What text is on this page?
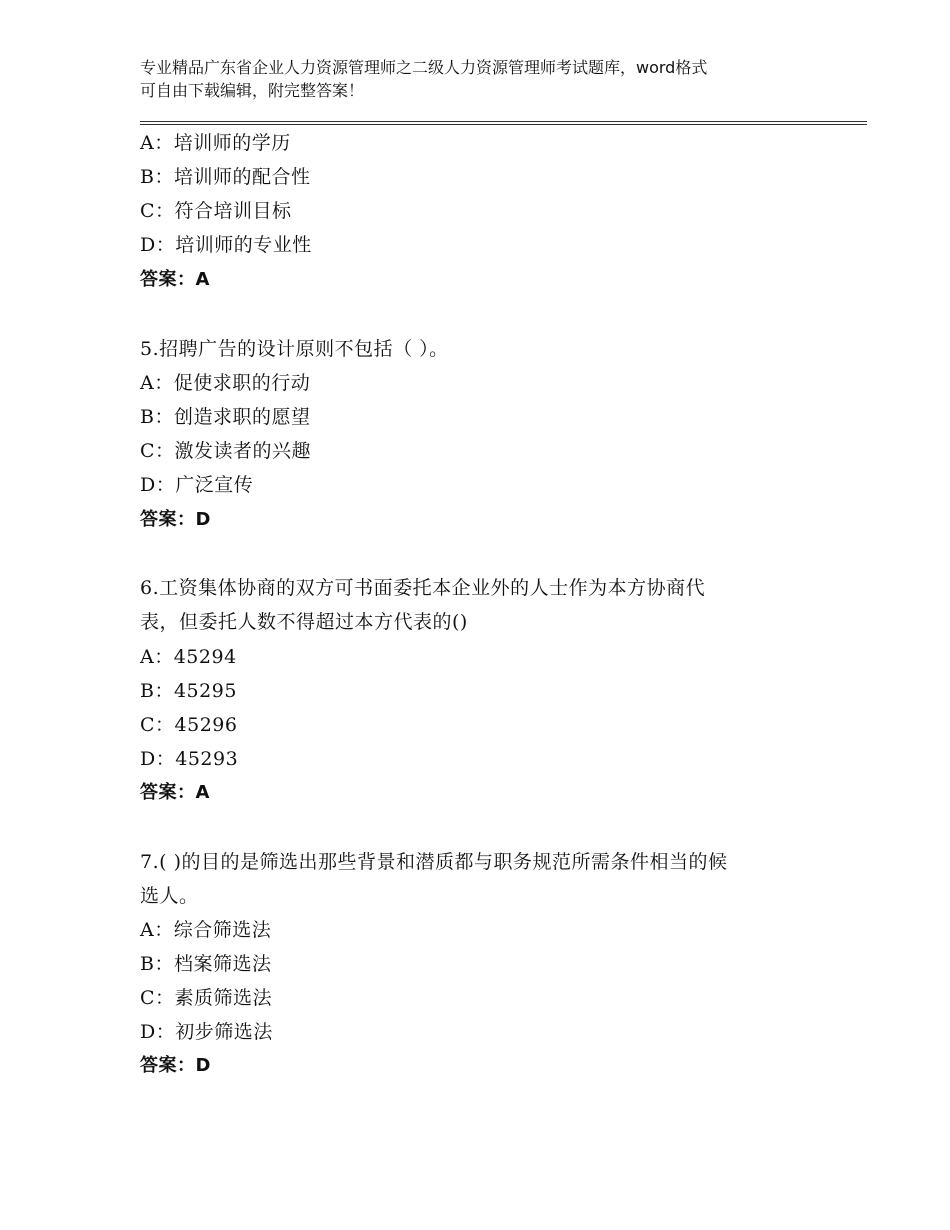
专业精品广东省企业人力资源管理师之二级人力资源管理师考试题库，word格式
可自由下载编辑，附完整答案！
A：培训师的学历
B：培训师的配合性
C：符合培训目标
D：培训师的专业性
答案：A
5.招聘广告的设计原则不包括（ ）。
A：促使求职的行动
B：创造求职的愿望
C：激发读者的兴趣
D：广泛宣传
答案：D
6.工资集体协商的双方可书面委托本企业外的人士作为本方协商代
表，但委托人数不得超过本方代表的()
A：45294
B：45295
C：45296
D：45293
答案：A
7.( )的目的是筛选出那些背景和潜质都与职务规范所需条件相当的候
选人。
A：综合筛选法
B：档案筛选法
C：素质筛选法
D：初步筛选法
答案：D
